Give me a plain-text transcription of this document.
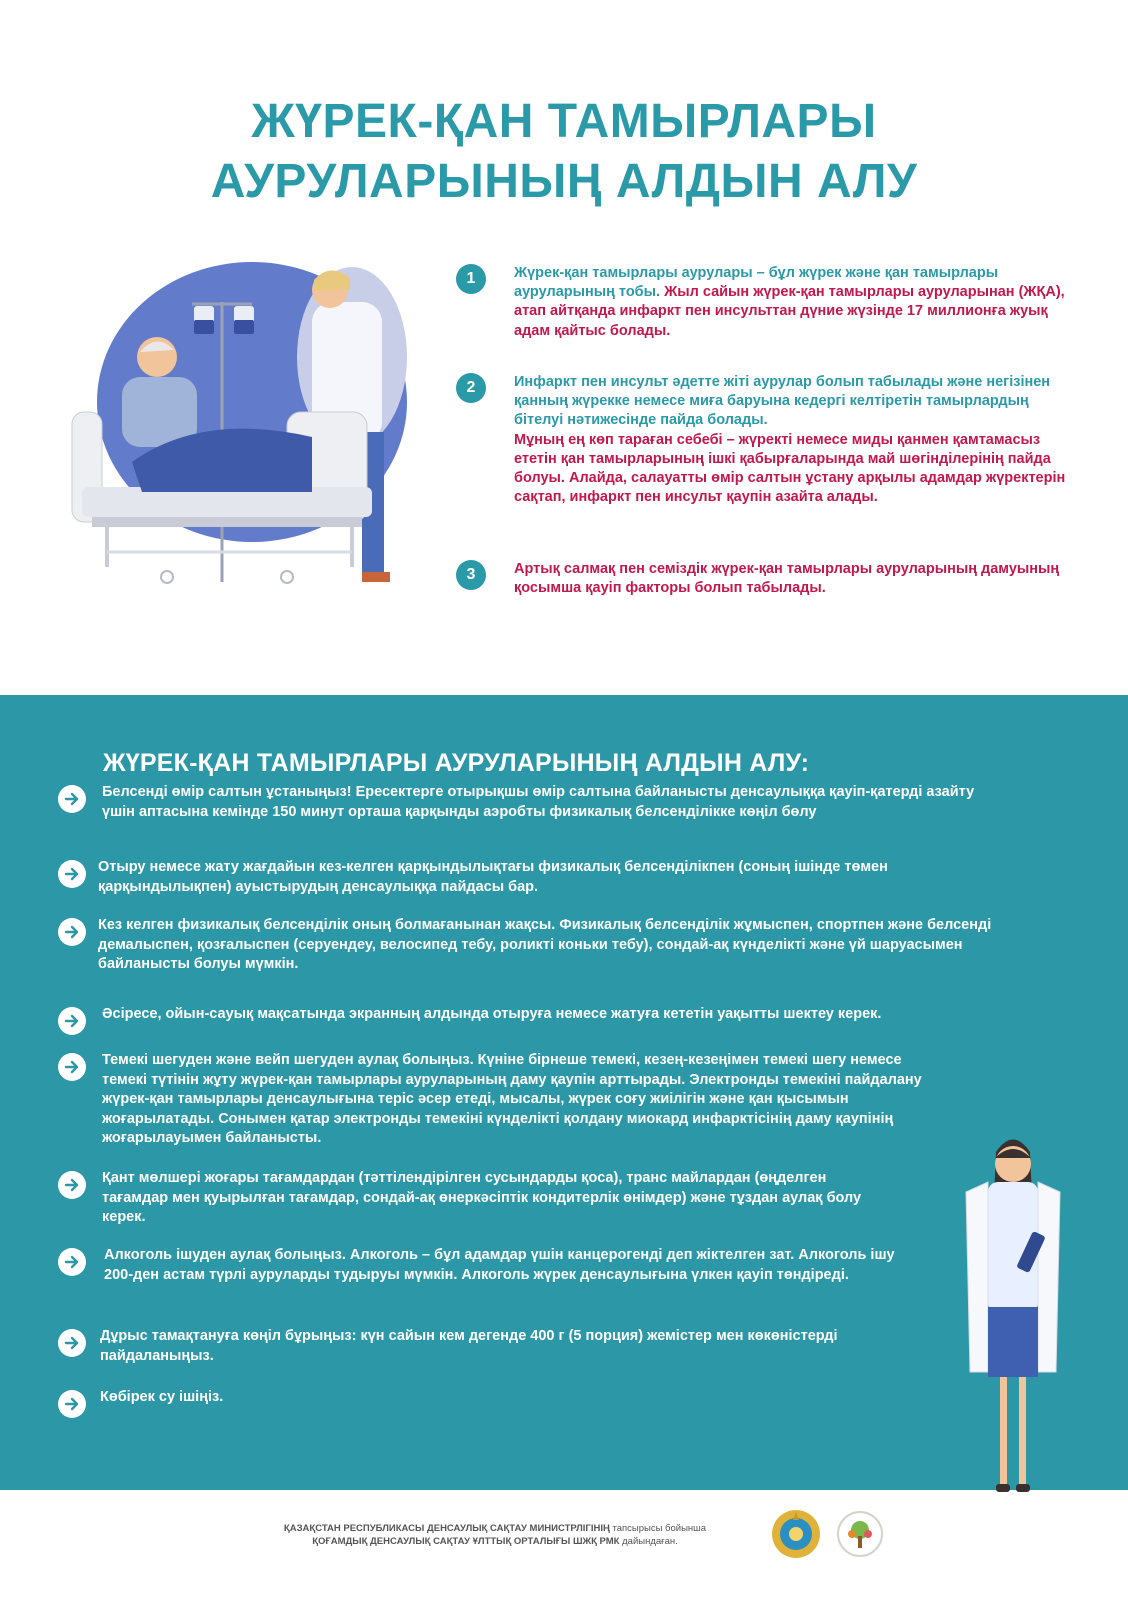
ЖҮРЕК-ҚАН ТАМЫРЛАРЫ
АУРУЛАРЫНЫҢ АЛДЫН АЛУ
1	Жүрек-қан тамырлары аурулары – бұл жүрек және қан тамырлары ауруларының тобы. Жыл сайын жүрек-қан тамырлары ауруларынан (ЖҚА), атап айтқанда инфаркт пен инсульттан дүние жүзінде 17 миллионға жуық адам қайтыс болады.
2	Инфаркт пен инсульт әдетте жіті аурулар болып табылады және негізінен қанның жүрекке немесе миға баруына кедергі келтіретін тамырлардың бітелуі нәтижесінде пайда болады.
Мұның ең көп тараған себебі – жүректі немесе миды қанмен қамтамасыз ететін қан тамырларының ішкі қабырғаларында май шөгінділерінің пайда болуы. Алайда, салауатты өмір салтын ұстану арқылы адамдар жүректерін сақтап, инфаркт пен инсульт қаупін азайта алады.
3	Артық салмақ пен семіздік жүрек-қан тамырлары ауруларының дамуының қосымша қауіп факторы болып табылады.
ЖҮРЕК-ҚАН ТАМЫРЛАРЫ АУРУЛАРЫНЫҢ АЛДЫН АЛУ:
Белсенді өмір салтын ұстаныңыз! Ересектерге отырықшы өмір салтына байланысты денсаулыққа қауіп-қатерді азайту үшін аптасына кемінде 150 минут орташа қарқынды аэробты физикалық белсенділікке көңіл бөлу
Отыру немесе жату жағдайын кез-келген қарқындылықтағы физикалық белсенділікпен (соның ішінде төмен қарқындылықпен) ауыстырудың денсаулыққа пайдасы бар.
Кез келген физикалық белсенділік оның болмағанынан жақсы. Физикалық белсенділік жұмыспен, спортпен және белсенді демалыспен, қозғалыспен (серуендеу, велосипед тебу, роликті коньки тебу), сондай-ақ күнделікті және үй шаруасымен байланысты болуы мүмкін.
Әсіресе, ойын-сауық мақсатында экранның алдында отыруға немесе жатуға кететін уақытты шектеу керек.
Темекі шегуден және вейп шегуден аулақ болыңыз. Күніне бірнеше темекі, кезең-кезеңімен темекі шегу немесе темекі түтінін жұту жүрек-қан тамырлары ауруларының даму қаупін арттырады. Электронды темекіні пайдалану жүрек-қан тамырлары денсаулығына теріс әсер етеді, мысалы, жүрек соғу жиілігін және қан қысымын жоғарылатады. Сонымен қатар электронды темекіні күнделікті қолдану миокард инфарктісінің даму қаупінің жоғарылауымен байланысты.
Қант мөлшері жоғары тағамдардан (тәттілендірілген сусындарды қоса), транс майлардан (өңделген тағамдар мен қуырылған тағамдар, сондай-ақ өнеркәсіптік кондитерлік өнімдер) және тұздан аулақ болу керек.
Алкоголь ішуден аулақ болыңыз. Алкоголь – бұл адамдар үшін канцерогенді деп жіктелген зат. Алкоголь ішу 200-ден астам түрлі ауруларды тудыруы мүмкін. Алкоголь жүрек денсаулығына үлкен қауіп төндіреді.
Дұрыс тамақтануға көңіл бұрыңыз: күн сайын кем дегенде 400 г (5 порция) жемістер мен көкөністерді пайдаланыңыз.
Көбірек су ішіңіз.
ҚАЗАҚСТАН РЕСПУБЛИКАСЫ ДЕНСАУЛЫҚ САҚТАУ МИНИСТРЛІГІНІҢ тапсырысы бойынша
ҚОҒАМДЫҚ ДЕНСАУЛЫҚ САҚТАУ ҰЛТТЫҚ ОРТАЛЫҒЫ ШЖҚ РМК дайындаған.
